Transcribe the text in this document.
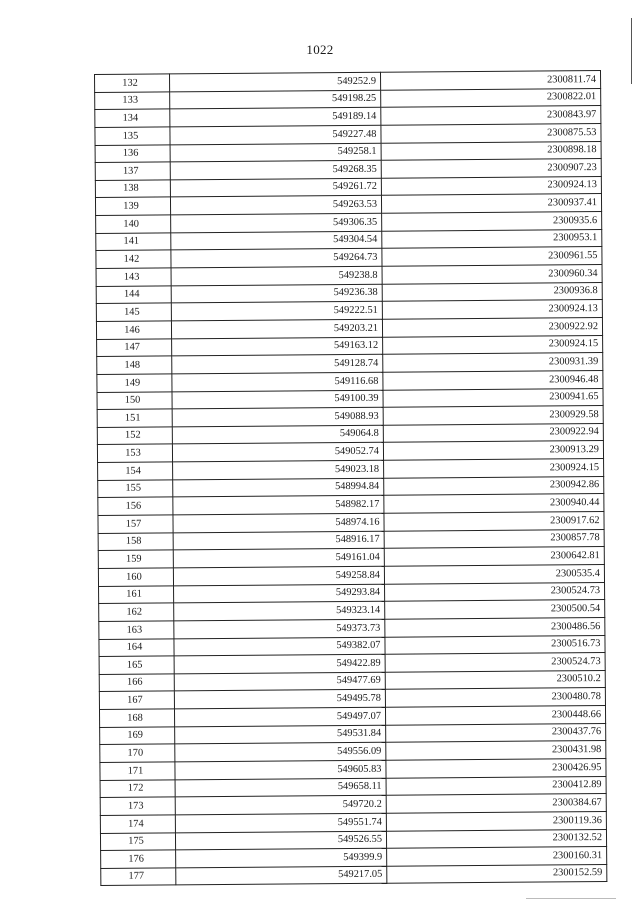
1022
132	549252.9	2300811.74
133	549198.25	2300822.01
134	549189.14	2300843.97
135	549227.48	2300875.53
136	549258.1	2300898.18
137	549268.35	2300907.23
138	549261.72	2300924.13
139	549263.53	2300937.41
140	549306.35	2300935.6
141	549304.54	2300953.1
142	549264.73	2300961.55
143	549238.8	2300960.34
144	549236.38	2300936.8
145	549222.51	2300924.13
146	549203.21	2300922.92
147	549163.12	2300924.15
148	549128.74	2300931.39
149	549116.68	2300946.48
150	549100.39	2300941.65
151	549088.93	2300929.58
152	549064.8	2300922.94
153	549052.74	2300913.29
154	549023.18	2300924.15
155	548994.84	2300942.86
156	548982.17	2300940.44
157	548974.16	2300917.62
158	548916.17	2300857.78
159	549161.04	2300642.81
160	549258.84	2300535.4
161	549293.84	2300524.73
162	549323.14	2300500.54
163	549373.73	2300486.56
164	549382.07	2300516.73
165	549422.89	2300524.73
166	549477.69	2300510.2
167	549495.78	2300480.78
168	549497.07	2300448.66
169	549531.84	2300437.76
170	549556.09	2300431.98
171	549605.83	2300426.95
172	549658.11	2300412.89
173	549720.2	2300384.67
174	549551.74	2300119.36
175	549526.55	2300132.52
176	549399.9	2300160.31
177	549217.05	2300152.59
